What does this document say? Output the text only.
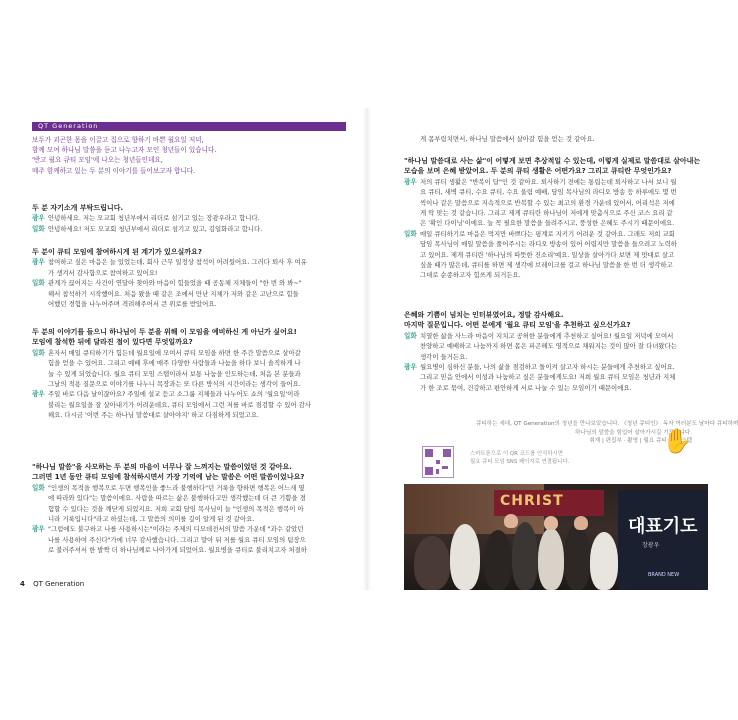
QT Generation
보두가 괴곤한 몸을 이끌고 집으로 향하기 바쁜 월요일 저녁,
함께 모여 하나님 말씀을 듣고 나누고자 모인 청년들이 있습니다.
'반고 월요 큐티 모임'에 나오는 청년들인데요,
매주 함께하고 있는 두 분의 이야기를 들어보고자 합니다.
두 분 자기소개 부탁드립니다.
광우 안녕하세요. 저는 모교회 청년부에서 리더로 섬기고 있는 장광우라고 합니다.
일화 안녕하세요! 저도 모교회 청년부에서 리더로 섬기고 있고, 김일화라고 합니다.
두 분이 큐티 모임에 참여하시게 된 계기가 있으실까요?
광우 참여하고 싶은 마음은 늘 있었는데, 회사 근무 일정상 참석이 어려웠어요. 그러다 퇴사 후 여유
가 생겨서 감사함으로 참여하고 있어요!
일화 관계가 끊어지는 사건이 연달아 찾아와 마음이 힘들었을 때 공동체 지체들이 "한 번 와 봐~"
해서 참석하기 시작했어요. 처음 왔을 때 같은 조에서 만난 지체가 저와 같은 고난으로 힘들
어했던 경험을 나누어주며 격려해주어서 큰 위로를 받았어요.
두 분의 이야기를 들으니 하나님이 두 분을 위해 이 모임을 예비하신 게 아닌가 싶어요!
모임에 참석한 뒤에 달라진 점이 있다면 무엇일까요?
일화 혼자서 매일 큐티하기가 힘든데 월요일에 모여서 큐티 모임을 하면 한 주간 말씀으로 살아갈
힘을 얻을 수 있어요. 그리고 예배 후에 매주 다양한 사람들과 나눔을 하다 보니 솔직하게 나
눌 수 있게 되었습니다. 월요 큐티 모임 스탭이라서 보통 나눔을 인도하는데, 처음 본 분들과
그날의 적용 질문으로 이야기를 나누니 목장과는 또 다른 방식의 시간이라는 생각이 들어요.
광우 주일 바로 다음 날이잖아요? 주일에 설교 듣고 소그룹 지체들과 나누어도 쇼의 '월요일'이라
불리는 월요일을 잘 살아내기가 어려운데요, 큐티 모임에서 그런 저를 바로 점검할 수 있어 감사
해요. 다시금 '이번 주는 하나님 말씀대로 살아야지' 하고 다짐하게 되었고요.
"하나님 말씀"을 사모하는 두 분의 마음이 너무나 잘 느껴지는 말씀이었던 것 같아요.
그러면 1년 동안 큐티 모임에 참석하시면서 가장 기억에 남는 말씀은 어떤 말씀이었나요?
일화 "인생의 목적을 행복으로 두면 행복인을 좋느라 불행하다"던 거룩을 향하면 행복은 어느새 옆
에 따라와 있다"는 말씀이에요. 사람을 따르는 삶은 불행하다고만 생각했는데 더 큰 기쁨을 경
험할 수 있다는 것을 깨닫게 되었지요. 저희 교회 담임 목사님이 늘 "인생의 목적은 행복이 아
니라 거룩입니다"라고 하셨는데, 그 말씀의 의미를 깊이 알게 된 것 같아요.
광우 "그럼에도 불구하고 나를 사용하시는"이라는 주제의 디모데전서의 말씀 가운데 "과수 같았던
나를 사용하여 주신다"가에 너무 감사했습니다. 그리고 말아 뒤 저를 월요 큐티 모임의 팀장으
로 불러주셔서 한 발짝 더 하나님께로 나아가게 되었어요. 월요병을 큐티로 불리치고자 처절하
4 QT Generation
게 몸부림치면서, 하나님 말씀에서 살아갈 힘을 얻는 것 같아요.
"하나님 말씀대로 사는 삶"이 어떻게 보면 추상적일 수 있는데, 이렇게 실제로 말씀대로 살아내는
모습을 보며 은혜 받았어요. 두 분의 큐티 생활은 어떤가요? 그리고 큐티란 무엇인가요?
광우 저의 큐티 생활은 "반복이 답"인 것 같아요. 퇴사하기 전에는 통립는데 퇴사하고 나서 보니 월
요 큐티, 새벽 큐티, 수요 큐티, 수요 울림 예배, 담임 목사님의 라디오 방송 등 하루에도 몇 번
씩이나 같은 말씀으로 지속적으로 반복할 수 있는 최고의 환경 가운데 있어서, 어리석은 저에
게 딱 맞는 것 같습니다. 그리고 제게 큐티란 하나님이 저에게 맞춤식으로 주신 코스 요리 같
은 '확인 다이닝'이에요. 늘 꼭 필요한 말씀을 들려주시고, 풍성한 은혜도 주시기 때문이에요.
일화 매일 큐티하기로 마음은 먹지만 바쁘다는 핑계로 지키기 어려운 것 같아요. 그래도 저희 교회
담임 목사님이 매일 말씀을 풀어주시는 라디오 방송이 있어 어렵지만 말씀을 들으려고 노력하
고 있어요. 제게 큐티란 '하나님의 따뜻한 진소리'예요. 일상을 살아가다 보면 제 멋대로 살고
싶을 때가 많은데, 큐티를 하면 제 생각에 브레이크를 걸고 하나님 말씀을 한 번 더 생각하고
그대로 순종하고자 힘쓰게 되거든요.
은혜와 기쁨이 넘치는 인터뷰였어요, 정말 감사해요.
마지막 질문입니다. 어떤 분에게 '월요 큐티 모임'을 추천하고 싶으신가요?
일화 치열한 삶을 사느라 마음이 지치고 공허한 분들에게 추천하고 싶어요! 월요일 저녁에 모여서
찬양하고 예배하고 나눔까지 하면 몸은 피곤해도 영적으로 채워지는 것이 많아 잘 다녀왔다는
생각이 들거든요.
광우 월요병이 심하신 분들, 나의 삶을 점검하고 돌이켜 살고자 하시는 분들에게 추천하고 싶어요.
그리고 믿음 안에서 이성과 나눔하고 싶은 분들에게도요! 저희 월요 큐티 모임은 청년과 지체
가 한 조로 묶여, 건강하고 편안하게 서로 나눌 수 있는 모임이기 때문이에요.
큐티하는 세대, QT Generation의 청년을 만나보았습니다. 《청년 큐티인》 독자 여러분도 날마다 큐티하며
하나님의 말씀을 힘입어 살아가시길 기도합니다.
취재 | 편집부 · 촬영 | 월요 큐티 모임 스탭
✋
스마트폰으로 이 QR 코드를 인식하시면
월요 큐티 모임 SNS 페이지로 연결됩니다.
CHRIST
대표기도
장광우
BRAND NEW
